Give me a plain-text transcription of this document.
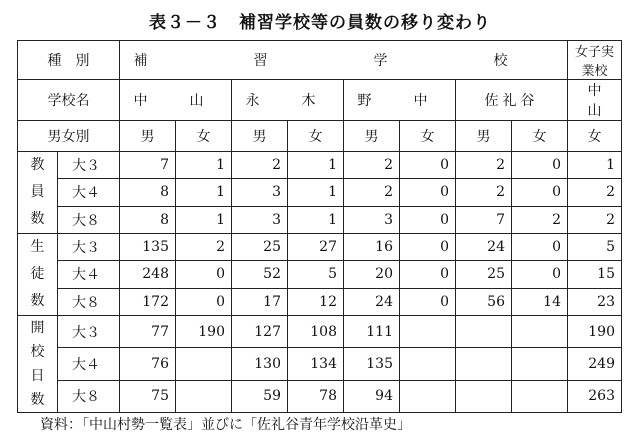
表３－３　補習学校等の員数の移り変わり
種　別		補　習　学　校								女子実業校
学校名		中　山		永　木		野　中		佐礼谷		中　山
男女別		男	女	男	女	男	女	男	女	女

教
員
数	大３	7	1	2	1	2	0	2	0	1
	大４	8	1	3	1	2	0	2	0	2
	大８	8	1	3	1	3	0	7	2	2

生
徒
数	大３	135	2	25	27	16	0	24	0	5
	大４	248	0	52	5	20	0	25	0	15
	大８	172	0	17	12	24	0	56	14	23

開
校
日
数	大３	77	190	127	108	111				190
	大４	76		130	134	135				249
	大８	75		59	78	94				263
資料：「中山村勢一覧表」並びに「佐礼谷青年学校沿革史」
